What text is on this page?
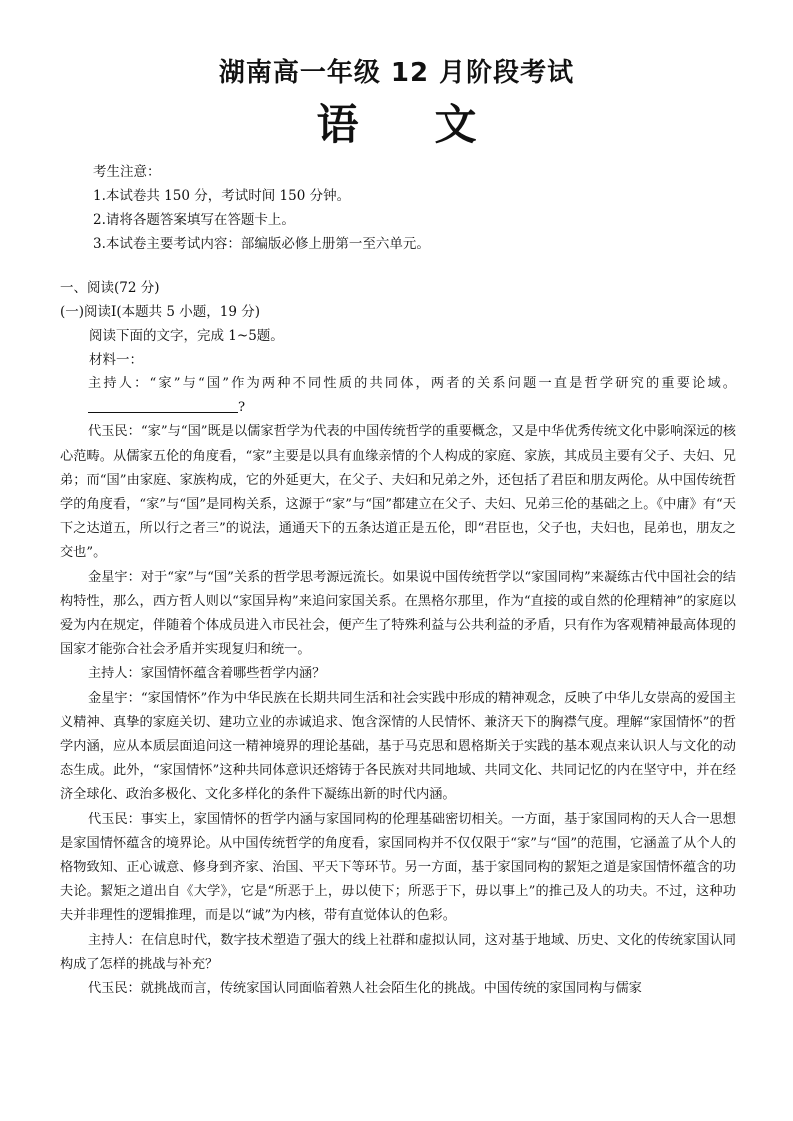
湖南高一年级 12 月阶段考试
语 文
考生注意：
1.本试卷共 150 分，考试时间 150 分钟。
2.请将各题答案填写在答题卡上。
3.本试卷主要考试内容：部编版必修上册第一至六单元。
一、阅读(72 分)
(一)阅读Ⅰ(本题共 5 小题，19 分)
阅读下面的文字，完成 1~5题。
材料一：

主持人：“家”与“国”作为两种不同性质的共同体，两者的关系问题一直是哲学研究的重要论域。?

代玉民：“家”与“国”既是以儒家哲学为代表的中国传统哲学的重要概念，又是中华优秀传统文化中影响深远的核心范畴。从儒家五伦的角度看，“家”主要是以具有血缘亲情的个人构成的家庭、家族，其成员主要有父子、夫妇、兄弟；而“国”由家庭、家族构成，它的外延更大，在父子、夫妇和兄弟之外，还包括了君臣和朋友两伦。从中国传统哲学的角度看，“家”与“国”是同构关系，这源于“家”与“国”都建立在父子、夫妇、兄弟三伦的基础之上。《中庸》有“天下之达道五，所以行之者三”的说法，通通天下的五条达道正是五伦，即“君臣也，父子也，夫妇也，昆弟也，朋友之交也”。

金星宇：对于“家”与“国”关系的哲学思考源远流长。如果说中国传统哲学以“家国同构”来凝练古代中国社会的结构特性，那么，西方哲人则以“家国异构”来追问家国关系。在黑格尔那里，作为“直接的或自然的伦理精神”的家庭以爱为内在规定，伴随着个体成员进入市民社会，便产生了特殊利益与公共利益的矛盾，只有作为客观精神最高体现的国家才能弥合社会矛盾并实现复归和统一。

主持人：家国情怀蕴含着哪些哲学内涵？

金星宇：“家国情怀”作为中华民族在长期共同生活和社会实践中形成的精神观念，反映了中华儿女崇高的爱国主义精神、真挚的家庭关切、建功立业的赤诚追求、饱含深情的人民情怀、兼济天下的胸襟气度。理解“家国情怀”的哲学内涵，应从本质层面追问这一精神境界的理论基础，基于马克思和恩格斯关于实践的基本观点来认识人与文化的动态生成。此外，“家国情怀”这种共同体意识还熔铸于各民族对共同地域、共同文化、共同记忆的内在坚守中，并在经济全球化、政治多极化、文化多样化的条件下凝练出新的时代内涵。

代玉民：事实上，家国情怀的哲学内涵与家国同构的伦理基础密切相关。一方面，基于家国同构的天人合一思想是家国情怀蕴含的境界论。从中国传统哲学的角度看，家国同构并不仅仅限于“家”与“国”的范围，它涵盖了从个人的格物致知、正心诚意、修身到齐家、治国、平天下等环节。另一方面，基于家国同构的絜矩之道是家国情怀蕴含的功夫论。絜矩之道出自《大学》，它是“所恶于上，毋以使下；所恶于下，毋以事上”的推己及人的功夫。不过，这种功夫并非理性的逻辑推理，而是以“诚”为内核，带有直觉体认的色彩。

主持人：在信息时代，数字技术塑造了强大的线上社群和虚拟认同，这对基于地域、历史、文化的传统家国认同构成了怎样的挑战与补充？

代玉民：就挑战而言，传统家国认同面临着熟人社会陌生化的挑战。中国传统的家国同构与儒家
